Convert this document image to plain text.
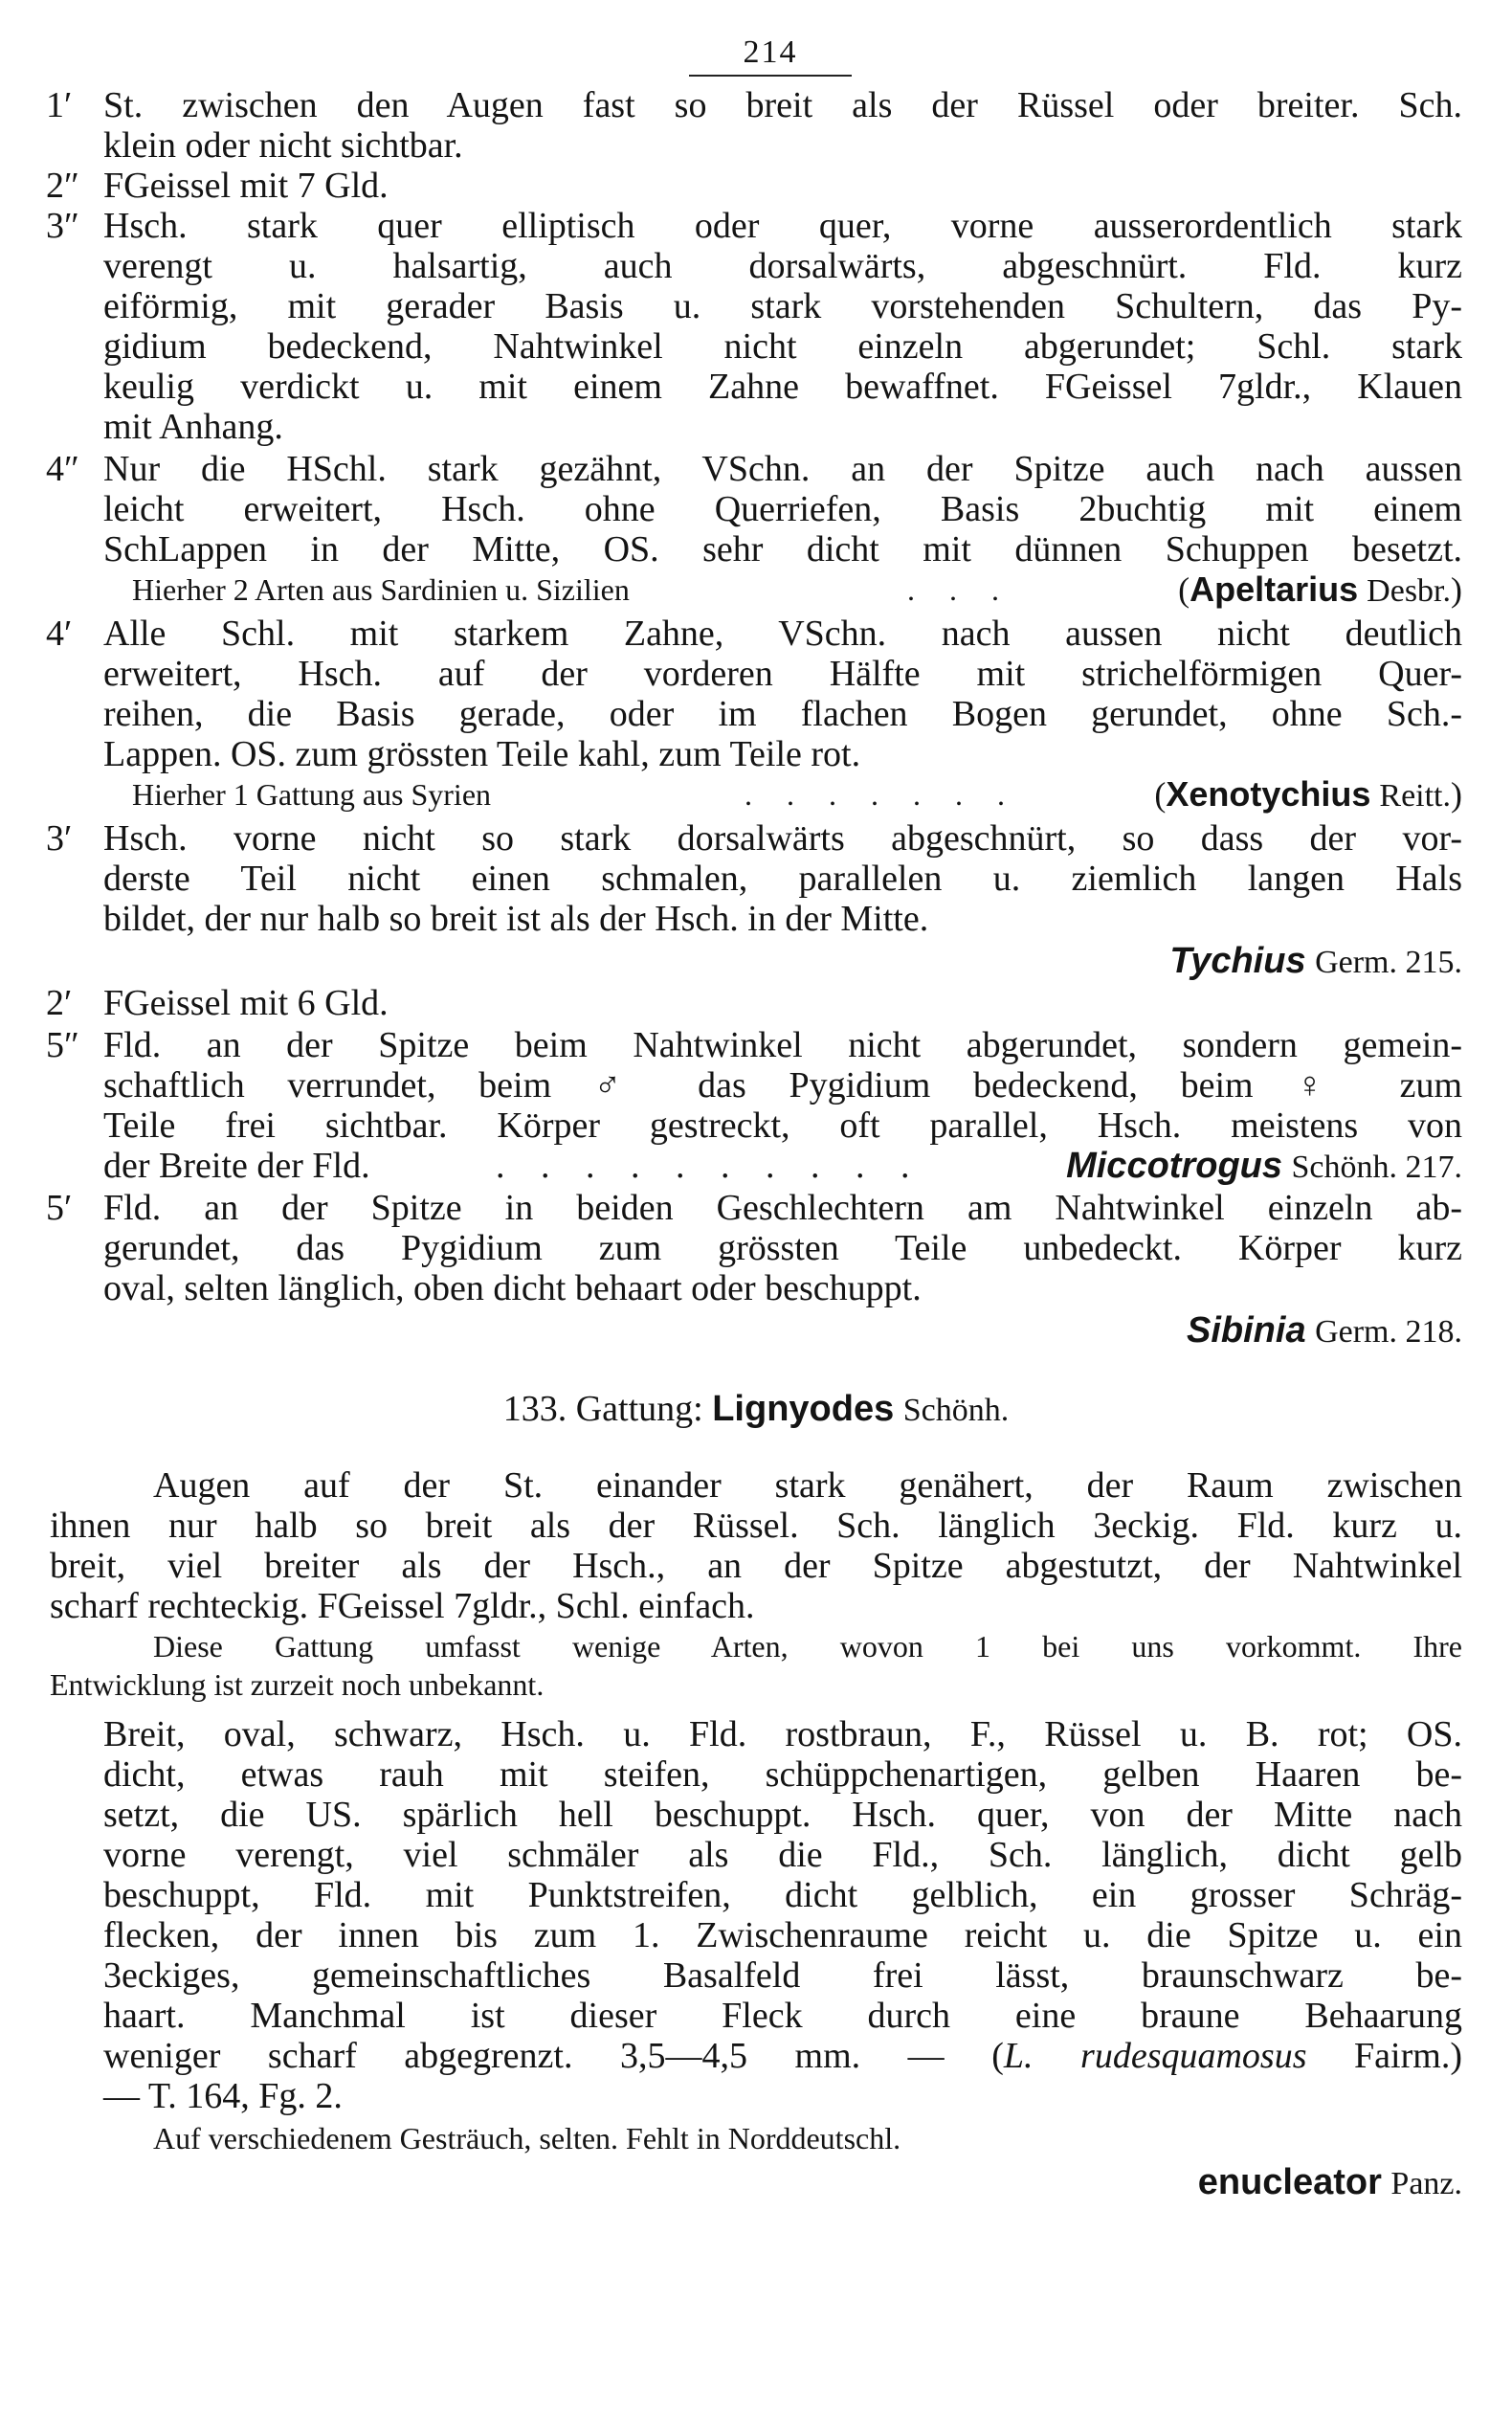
214
1′ St. zwischen den Augen fast so breit als der Rüssel oder breiter. Sch.
klein oder nicht sichtbar.
2″ FGeissel mit 7 Gld.
3″ Hsch. stark quer elliptisch oder quer, vorne ausserordentlich stark
verengt u. halsartig, auch dorsalwärts, abgeschnürt. Fld. kurz
eiförmig, mit gerader Basis u. stark vorstehenden Schultern, das Py-
gidium bedeckend, Nahtwinkel nicht einzeln abgerundet; Schl. stark
keulig verdickt u. mit einem Zahne bewaffnet. FGeissel 7gldr., Klauen
mit Anhang.
4″ Nur die HSchl. stark gezähnt, VSchn. an der Spitze auch nach aussen
leicht erweitert, Hsch. ohne Querriefen, Basis 2buchtig mit einem
SchLappen in der Mitte, OS. sehr dicht mit dünnen Schuppen besetzt.
Hierher 2 Arten aus Sardinien u. Sizilien	. . .	(Apeltarius Desbr.)
4′ Alle Schl. mit starkem Zahne, VSchn. nach aussen nicht deutlich
erweitert, Hsch. auf der vorderen Hälfte mit strichelförmigen Quer-
reihen, die Basis gerade, oder im flachen Bogen gerundet, ohne Sch.-
Lappen. OS. zum grössten Teile kahl, zum Teile rot.
Hierher 1 Gattung aus Syrien	. . . . . . .	(Xenotychius Reitt.)
3′ Hsch. vorne nicht so stark dorsalwärts abgeschnürt, so dass der vor-
derste Teil nicht einen schmalen, parallelen u. ziemlich langen Hals
bildet, der nur halb so breit ist als der Hsch. in der Mitte.
Tychius Germ. 215.
2′ FGeissel mit 6 Gld.
5″ Fld. an der Spitze beim Nahtwinkel nicht abgerundet, sondern gemein-
schaftlich verrundet, beim ♂ das Pygidium bedeckend, beim ♀ zum
Teile frei sichtbar. Körper gestreckt, oft parallel, Hsch. meistens von
der Breite der Fld.	. . . . . . . . . .	Miccotrogus Schönh. 217.
5′ Fld. an der Spitze in beiden Geschlechtern am Nahtwinkel einzeln ab-
gerundet, das Pygidium zum grössten Teile unbedeckt. Körper kurz
oval, selten länglich, oben dicht behaart oder beschuppt.
Sibinia Germ. 218.
133. Gattung: Lignyodes Schönh.
Augen auf der St. einander stark genähert, der Raum zwischen
ihnen nur halb so breit als der Rüssel. Sch. länglich 3eckig. Fld. kurz u.
breit, viel breiter als der Hsch., an der Spitze abgestutzt, der Nahtwinkel
scharf rechteckig. FGeissel 7gldr., Schl. einfach.
Diese Gattung umfasst wenige Arten, wovon 1 bei uns vorkommt. Ihre
Entwicklung ist zurzeit noch unbekannt.
Breit, oval, schwarz, Hsch. u. Fld. rostbraun, F., Rüssel u. B. rot; OS.
dicht, etwas rauh mit steifen, schüppchenartigen, gelben Haaren be-
setzt, die US. spärlich hell beschuppt. Hsch. quer, von der Mitte nach
vorne verengt, viel schmäler als die Fld., Sch. länglich, dicht gelb
beschuppt, Fld. mit Punktstreifen, dicht gelblich, ein grosser Schräg-
flecken, der innen bis zum 1. Zwischenraume reicht u. die Spitze u. ein
3eckiges, gemeinschaftliches Basalfeld frei lässt, braunschwarz be-
haart. Manchmal ist dieser Fleck durch eine braune Behaarung
weniger scharf abgegrenzt. 3,5—4,5 mm. — (L. rudesquamosus Fairm.)
— T. 164, Fg. 2.
Auf verschiedenem Gesträuch, selten. Fehlt in Norddeutschl.
enucleator Panz.
